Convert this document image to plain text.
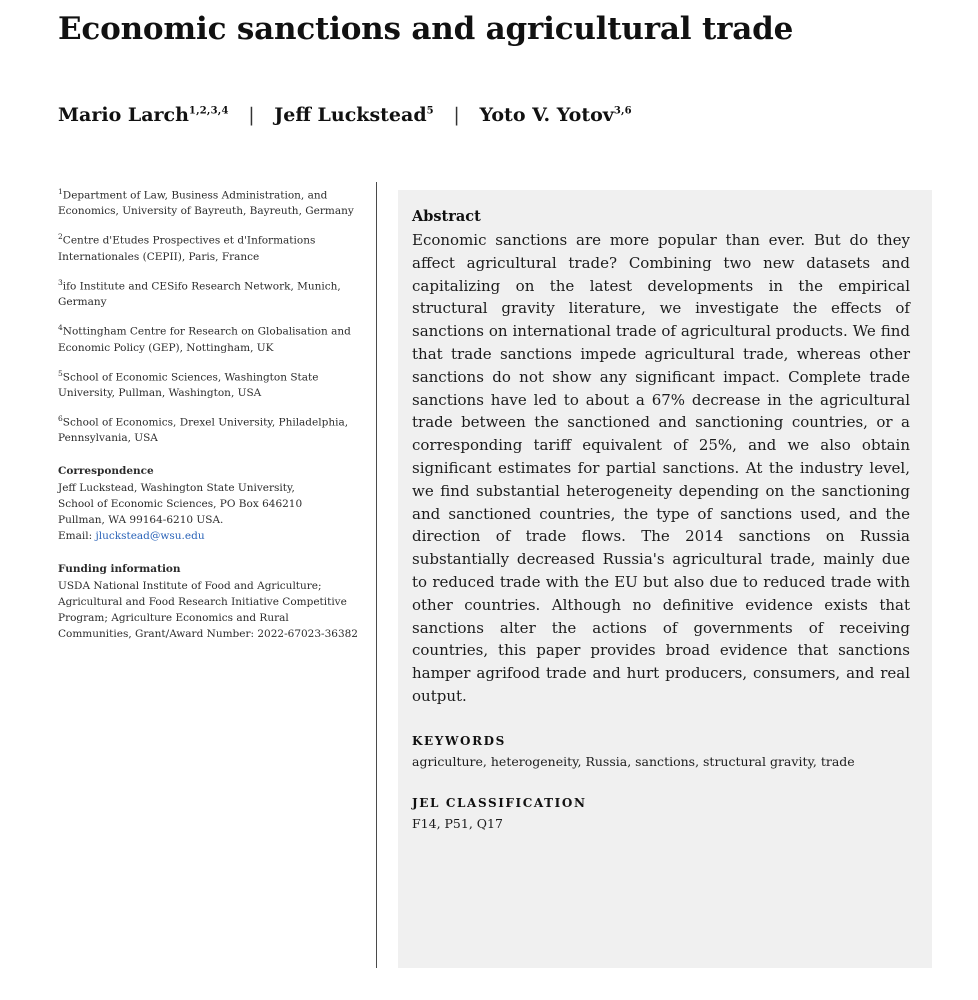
Economic sanctions and agricultural trade
Mario Larch$^{1,2,3,4}$ | Jeff Luckstead$^5$ | Yoto V. Yotov$^{3,6}$
$^1$Department of Law, Business Administration, and Economics, University of Bayreuth, Bayreuth, Germany
$^2$Centre d'Etudes Prospectives et d'Informations Internationales (CEPII), Paris, France
$^3$ifo Institute and CESifo Research Network, Munich, Germany
$^4$Nottingham Centre for Research on Globalisation and Economic Policy (GEP), Nottingham, UK
$^5$School of Economic Sciences, Washington State University, Pullman, Washington, USA
$^6$School of Economics, Drexel University, Philadelphia, Pennsylvania, USA
Correspondence
Jeff Luckstead, Washington State University,
School of Economic Sciences, PO Box 646210
Pullman, WA 99164-6210 USA.
Email: jluckstead@wsu.edu
Funding information
USDA National Institute of Food and Agriculture; Agricultural and Food Research Initiative Competitive Program; Agriculture Economics and Rural Communities, Grant/Award Number: 2022-67023-36382
Abstract

Economic sanctions are more popular than ever. But do they affect agricultural trade? Combining two new datasets and capitalizing on the latest developments in the empirical structural gravity literature, we investigate the effects of sanctions on international trade of agricultural products. We find that trade sanctions impede agricultural trade, whereas other sanctions do not show any significant impact. Complete trade sanctions have led to about a 67% decrease in the agricultural trade between the sanctioned and sanctioning countries, or a corresponding tariff equivalent of 25%, and we also obtain significant estimates for partial sanctions. At the industry level, we find substantial heterogeneity depending on the sanctioning and sanctioned countries, the type of sanctions used, and the direction of trade flows. The 2014 sanctions on Russia substantially decreased Russia's agricultural trade, mainly due to reduced trade with the EU but also due to reduced trade with other countries. Although no definitive evidence exists that sanctions alter the actions of governments of receiving countries, this paper provides broad evidence that sanctions hamper agrifood trade and hurt producers, consumers, and real output.

KEYWORDS

agriculture, heterogeneity, Russia, sanctions, structural gravity, trade

JEL CLASSIFICATION

F14, P51, Q17
